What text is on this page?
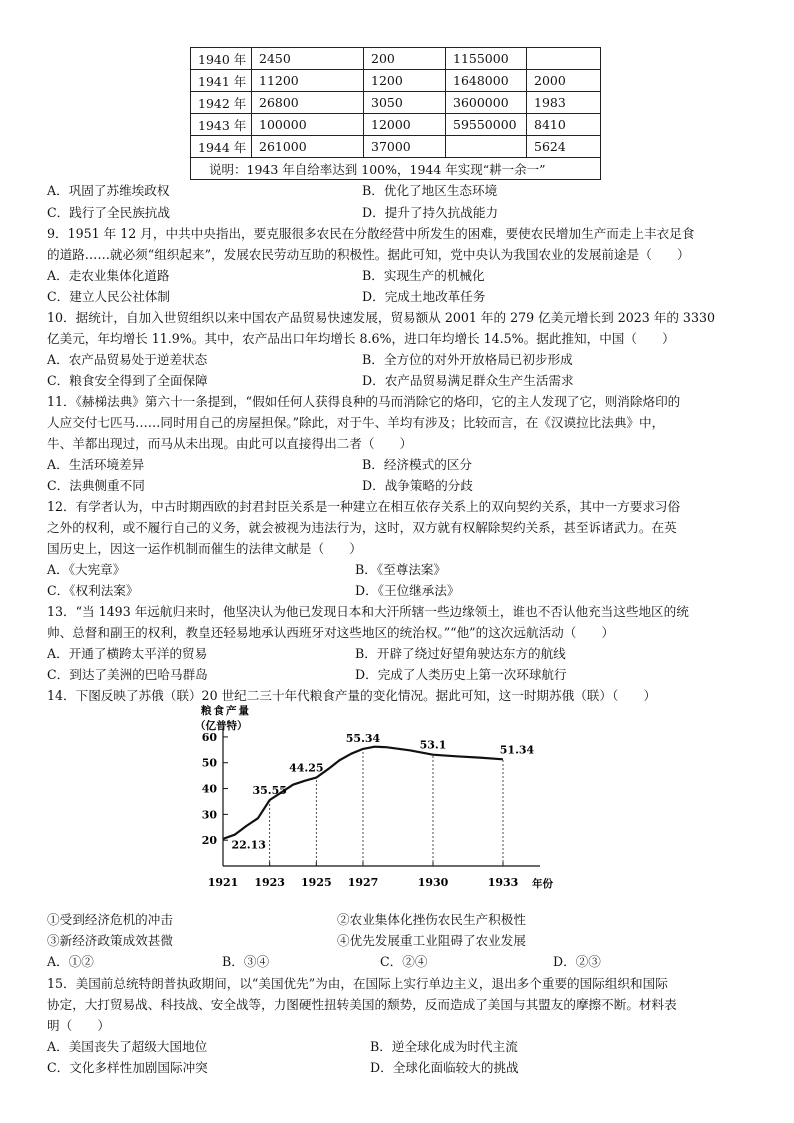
1940 年	2450	200	1155000	
1941 年	11200	1200	1648000	2000
1942 年	26800	3050	3600000	1983
1943 年	100000	12000	59550000	8410
1944 年	261000	37000		5624
说明：1943 年自给率达到 100%，1944 年实现“耕一余一”				
A．巩固了苏维埃政权	B．优化了地区生态环境
C．践行了全民族抗战	D．提升了持久抗战能力
9．1951 年 12 月，中共中央指出，要克服很多农民在分散经营中所发生的困难，要使农民增加生产而走上丰衣足食
的道路……就必须“组织起来”，发展农民劳动互助的积极性。据此可知，党中央认为我国农业的发展前途是（　　）
A．走农业集体化道路	B．实现生产的机械化
C．建立人民公社体制	D．完成土地改革任务
10．据统计，自加入世贸组织以来中国农产品贸易快速发展，贸易额从 2001 年的 279 亿美元增长到 2023 年的 3330
亿美元，年均增长 11.9%。其中，农产品出口年均增长 8.6%，进口年均增长 14.5%。据此推知，中国（　　）
A．农产品贸易处于逆差状态	B．全方位的对外开放格局已初步形成
C．粮食安全得到了全面保障	D．农产品贸易满足群众生产生活需求
11．《赫梯法典》第六十一条提到，“假如任何人获得良种的马而消除它的烙印，它的主人发现了它，则消除烙印的
人应交付七匹马……同时用自己的房屋担保。”除此，对于牛、羊均有涉及；比较而言，在《汉谟拉比法典》中，
牛、羊都出现过，而马从未出现。由此可以直接得出二者（　　）
A．生活环境差异	B．经济模式的区分
C．法典侧重不同	D．战争策略的分歧
12．有学者认为，中古时期西欧的封君封臣关系是一种建立在相互依存关系上的双向契约关系，其中一方要求习俗
之外的权利，或不履行自己的义务，就会被视为违法行为，这时，双方就有权解除契约关系，甚至诉诸武力。在英
国历史上，因这一运作机制而催生的法律文献是（　　）
A．《大宪章》	B．《至尊法案》
C．《权利法案》	D．《王位继承法》
13．“当 1493 年远航归来时，他坚决认为他已发现日本和大汗所辖一些边缘领土，谁也不否认他充当这些地区的统
帅、总督和副王的权利，教皇还轻易地承认西班牙对这些地区的统治权。”“他”的这次远航活动（　　）
A．开通了横跨太平洋的贸易	B．开辟了绕过好望角驶达东方的航线
C．到达了美洲的巴哈马群岛	D．完成了人类历史上第一次环球航行
14．下图反映了苏俄（联）20 世纪二三十年代粮食产量的变化情况。据此可知，这一时期苏俄（联）（　　）
粮食产量
（亿普特）
年份
20
30
40
50
60
1921 1923 1925 1927	1930	1933
22.13
35.55
44.25
55.34
53.1	51.34
①受到经济危机的冲击	②农业集体化挫伤农民生产积极性
③新经济政策成效甚微	④优先发展重工业阻碍了农业发展
A．①②	B．③④	C．②④	D．②③
15．美国前总统特朗普执政期间，以“美国优先”为由，在国际上实行单边主义，退出多个重要的国际组织和国际
协定，大打贸易战、科技战、安全战等，力图硬性扭转美国的颓势，反而造成了美国与其盟友的摩擦不断。材料表
明（　　）
A．美国丧失了超级大国地位	B．逆全球化成为时代主流
C．文化多样性加剧国际冲突	D．全球化面临较大的挑战
